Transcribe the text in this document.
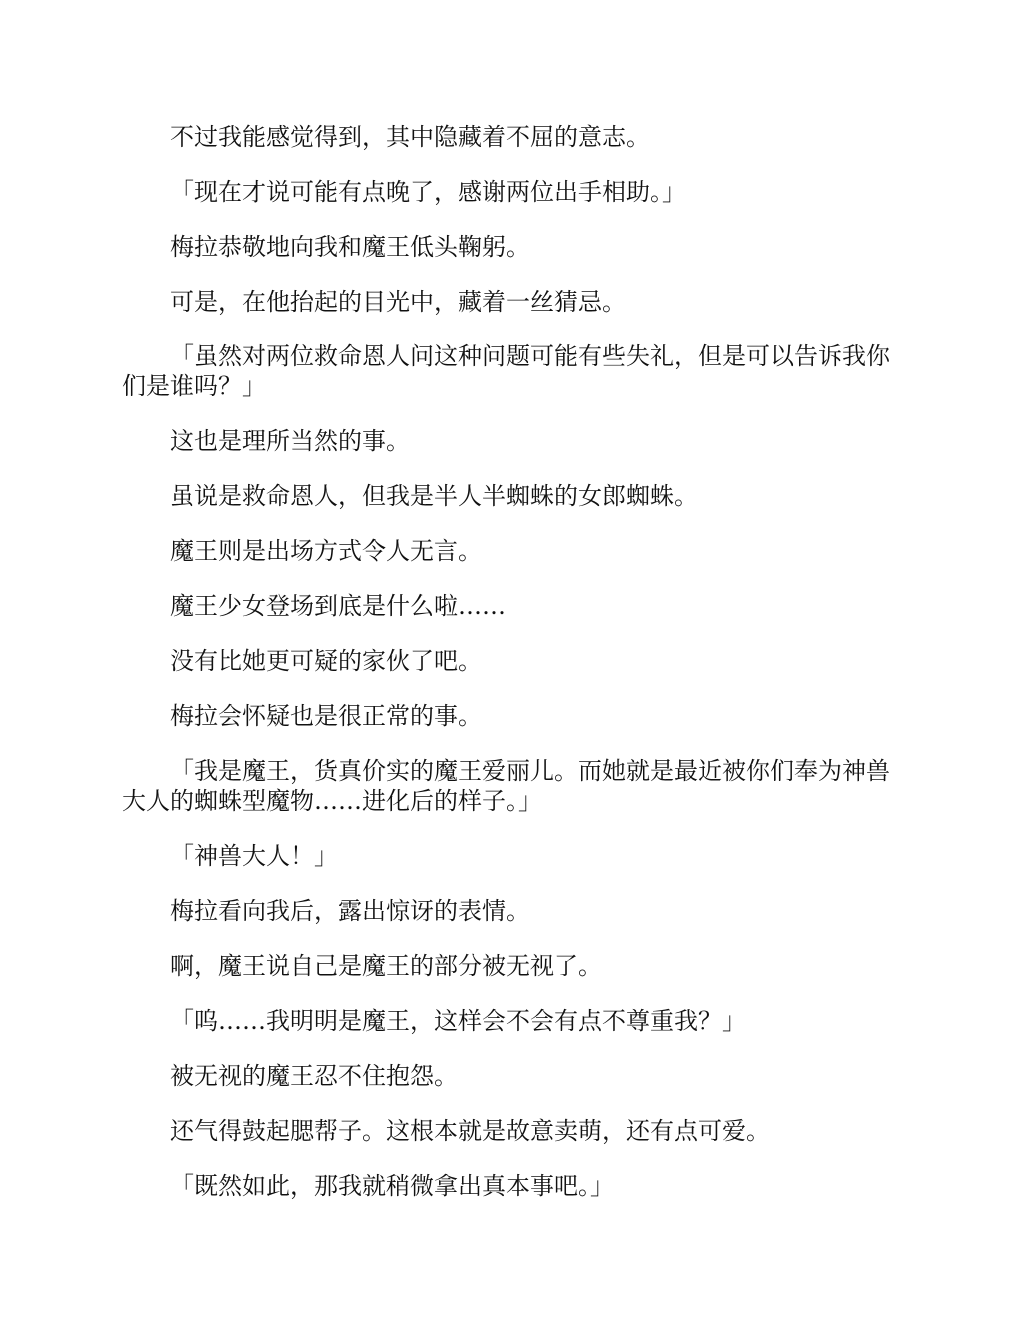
不过我能感觉得到，其中隐藏着不屈的意志。

「现在才说可能有点晚了，感谢两位出手相助。」

梅拉恭敬地向我和魔王低头鞠躬。

可是，在他抬起的目光中，藏着一丝猜忌。

「虽然对两位救命恩人问这种问题可能有些失礼，但是可以告诉我你们是谁吗？」

这也是理所当然的事。

虽说是救命恩人，但我是半人半蜘蛛的女郎蜘蛛。

魔王则是出场方式令人无言。

魔王少女登场到底是什么啦……

没有比她更可疑的家伙了吧。

梅拉会怀疑也是很正常的事。

「我是魔王，货真价实的魔王爱丽儿。而她就是最近被你们奉为神兽大人的蜘蛛型魔物……进化后的样子。」

「神兽大人！」

梅拉看向我后，露出惊讶的表情。

啊，魔王说自己是魔王的部分被无视了。

「呜……我明明是魔王，这样会不会有点不尊重我？」

被无视的魔王忍不住抱怨。

还气得鼓起腮帮子。这根本就是故意卖萌，还有点可爱。

「既然如此，那我就稍微拿出真本事吧。」
